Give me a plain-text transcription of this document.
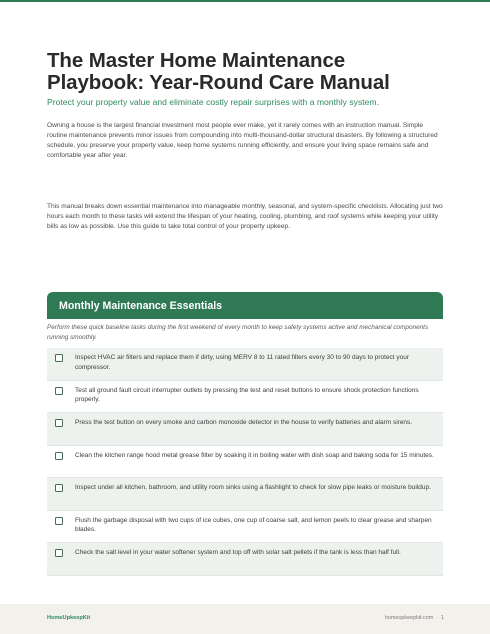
The Master Home Maintenance
Playbook: Year-Round Care Manual
Protect your property value and eliminate costly repair surprises with a monthly system.

Owning a house is the largest financial investment most people ever make, yet it rarely comes with an instruction manual. Simple routine maintenance prevents minor issues from compounding into multi-thousand-dollar structural disasters. By following a structured schedule, you preserve your property value, keep home systems running efficiently, and ensure your living space remains safe and comfortable year after year.

This manual breaks down essential maintenance into manageable monthly, seasonal, and system-specific checklists. Allocating just two hours each month to these tasks will extend the lifespan of your heating, cooling, plumbing, and roof systems while keeping your utility bills as low as possible. Use this guide to take total control of your property upkeep.

Monthly Maintenance Essentials
Perform these quick baseline tasks during the first weekend of every month to keep safety systems active and mechanical components running smoothly.
Inspect HVAC air filters and replace them if dirty, using MERV 8 to 11 rated filters every 30 to 90 days to protect your compressor.
Test all ground fault circuit interrupter outlets by pressing the test and reset buttons to ensure shock protection functions properly.
Press the test button on every smoke and carbon monoxide detector in the house to verify batteries and alarm sirens.
Clean the kitchen range hood metal grease filter by soaking it in boiling water with dish soap and baking soda for 15 minutes.
Inspect under all kitchen, bathroom, and utility room sinks using a flashlight to check for slow pipe leaks or moisture buildup.
Flush the garbage disposal with two cups of ice cubes, one cup of coarse salt, and lemon peels to clear grease and sharpen blades.
Check the salt level in your water softener system and top off with solar salt pellets if the tank is less than half full.
HomeUpkeepKit	homeupkeepkit.com · 1
